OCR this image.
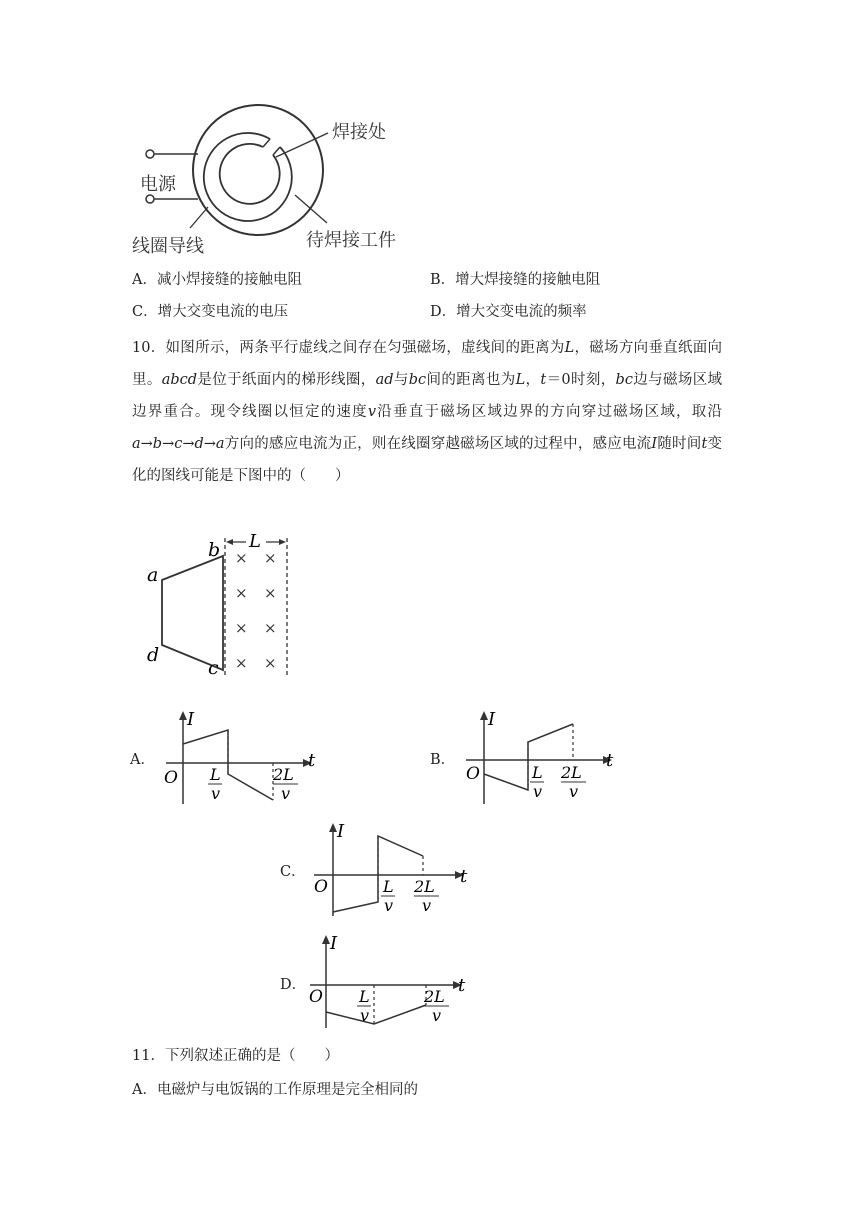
焊接处
电源
线圈导线	待焊接工件
A．减小焊接缝的接触电阻	B．增大焊接缝的接触电阻
C．增大交变电流的电压	D．增大交变电流的频率
10．如图所示，两条平行虚线之间存在匀强磁场，虚线间的距离为L，磁场方向垂直纸面向里。abcd是位于纸面内的梯形线圈，ad与bc间的距离也为L，t＝0时刻，bc边与磁场区域边界重合。现令线圈以恒定的速度v沿垂直于磁场区域边界的方向穿过磁场区域，取沿a→b→c→d→a方向的感应电流为正，则在线圈穿越磁场区域的过程中，感应电流I随时间t变化的图线可能是下图中的（　　）
L
a
b
c
d
× ×
× ×
× ×
× ×
A．	B．
C．
D．
I
t
O L
v
2L
v
I
t
O	L
v
2L
v
I
t
O	L
v
2L
v
I
t
O L
v
2L
v
11．下列叙述正确的是（　　）
A．电磁炉与电饭锅的工作原理是完全相同的
